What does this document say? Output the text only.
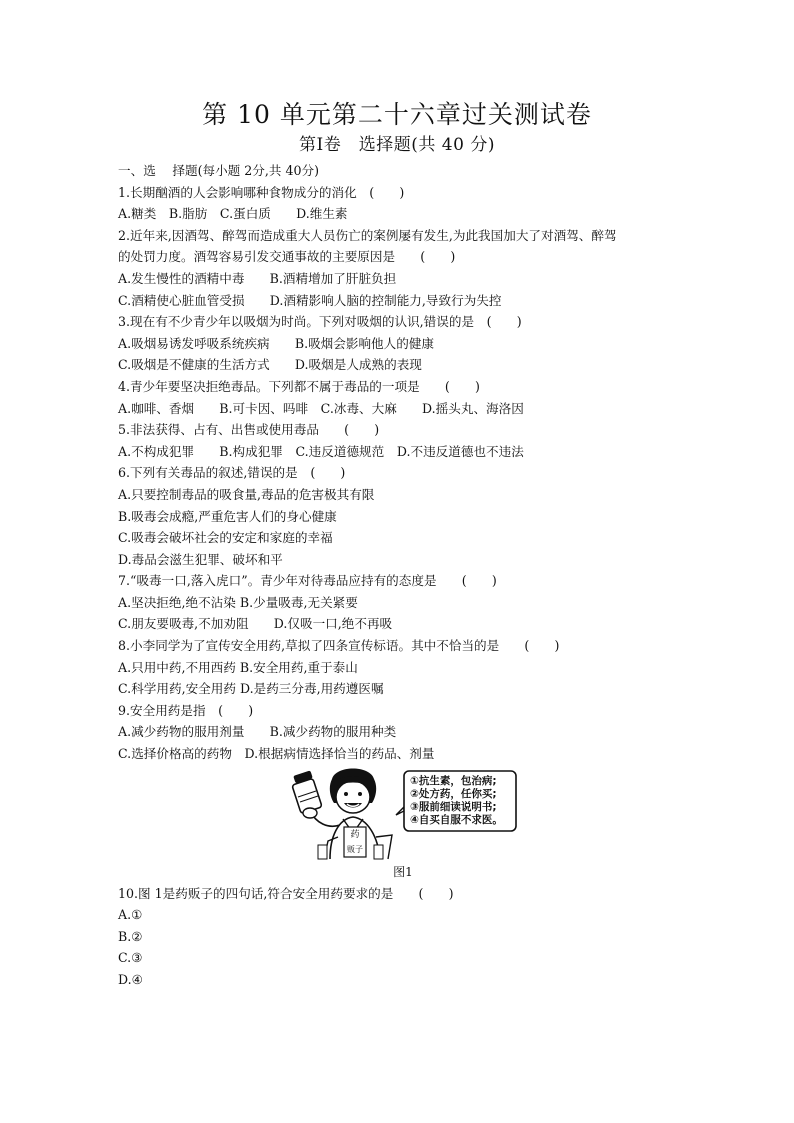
第 10 单元第二十六章过关测试卷
第Ⅰ卷　选择题(共 40 分)
一、选　 择题(每小题 2分,共 40分)
1.长期酗酒的人会影响哪种食物成分的消化　(　　)
A.糖类　B.脂肪　C.蛋白质　　D.维生素
2.近年来,因酒驾、醉驾而造成重大人员伤亡的案例屡有发生,为此我国加大了对酒驾、醉驾
的处罚力度。酒驾容易引发交通事故的主要原因是　　(　　)
A.发生慢性的酒精中毒　　B.酒精增加了肝脏负担
C.酒精使心脏血管受损　　D.酒精影响人脑的控制能力,导致行为失控
3.现在有不少青少年以吸烟为时尚。下列对吸烟的认识,错误的是　(　　)
A.吸烟易诱发呼吸系统疾病　　B.吸烟会影响他人的健康
C.吸烟是不健康的生活方式　　D.吸烟是人成熟的表现
4.青少年要坚决拒绝毒品。下列都不属于毒品的一项是　　(　　)
A.咖啡、香烟　　B.可卡因、吗啡　C.冰毒、大麻　　D.摇头丸、海洛因
5.非法获得、占有、出售或使用毒品　　(　　)
A.不构成犯罪　　B.构成犯罪　C.违反道德规范　D.不违反道德也不违法
6.下列有关毒品的叙述,错误的是　(　　)
A.只要控制毒品的吸食量,毒品的危害极其有限
B.吸毒会成瘾,严重危害人们的身心健康
C.吸毒会破坏社会的安定和家庭的幸福
D.毒品会滋生犯罪、破坏和平
7.“吸毒一口,落入虎口”。青少年对待毒品应持有的态度是　　(　　)
A.坚决拒绝,绝不沾染 B.少量吸毒,无关紧要
C.朋友要吸毒,不加劝阻　　D.仅吸一口,绝不再吸
8.小李同学为了宣传安全用药,草拟了四条宣传标语。其中不恰当的是　　(　　)
A.只用中药,不用西药 B.安全用药,重于泰山
C.科学用药,安全用药 D.是药三分毒,用药遵医嘱
9.安全用药是指　(　　)
A.减少药物的服用剂量　　B.减少药物的服用种类
C.选择价格高的药物　D.根据病情选择恰当的药品、剂量
药
贩子
①抗生素，包治病;
②处方药，任你买;
③服前细读说明书;
④自买自服不求医。
图1
10.图 1是药贩子的四句话,符合安全用药要求的是　　(　　)
A.①
B.②
C.③
D.④
